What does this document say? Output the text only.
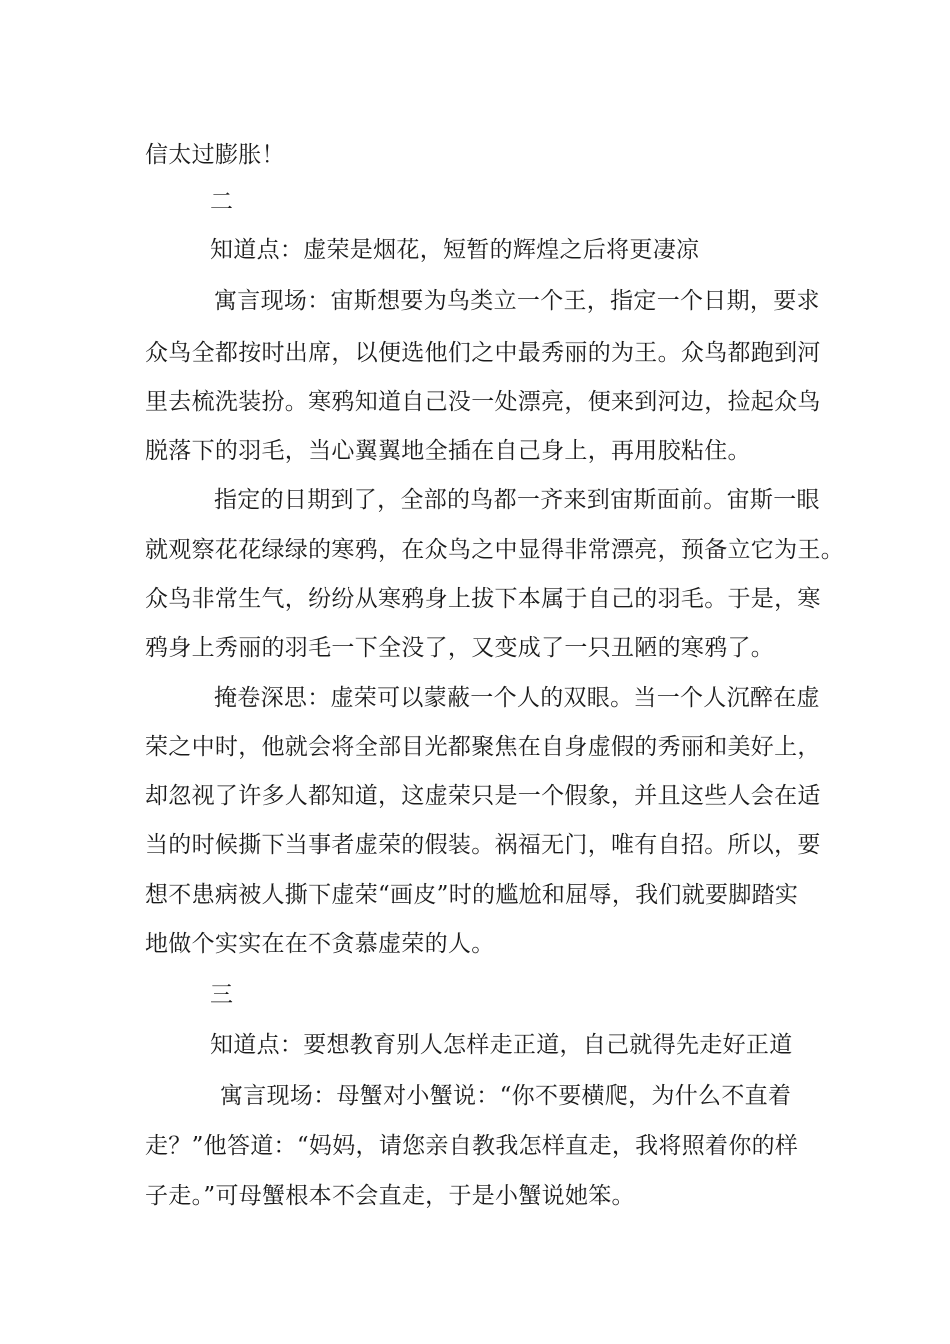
信太过膨胀！
二
知道点：虚荣是烟花，短暂的辉煌之后将更凄凉
寓言现场：宙斯想要为鸟类立一个王，指定一个日期，要求
众鸟全都按时出席，以便选他们之中最秀丽的为王。众鸟都跑到河
里去梳洗装扮。寒鸦知道自己没一处漂亮，便来到河边，捡起众鸟
脱落下的羽毛，当心翼翼地全插在自己身上，再用胶粘住。
指定的日期到了，全部的鸟都一齐来到宙斯面前。宙斯一眼
就观察花花绿绿的寒鸦，在众鸟之中显得非常漂亮，预备立它为王。
众鸟非常生气，纷纷从寒鸦身上拔下本属于自己的羽毛。于是，寒
鸦身上秀丽的羽毛一下全没了，又变成了一只丑陋的寒鸦了。
掩卷深思：虚荣可以蒙蔽一个人的双眼。当一个人沉醉在虚
荣之中时，他就会将全部目光都聚焦在自身虚假的秀丽和美好上，
却忽视了许多人都知道，这虚荣只是一个假象，并且这些人会在适
当的时候撕下当事者虚荣的假装。祸福无门，唯有自招。所以，要
想不患病被人撕下虚荣“画皮”时的尴尬和屈辱，我们就要脚踏实
地做个实实在在不贪慕虚荣的人。
三
知道点：要想教育别人怎样走正道，自己就得先走好正道
寓言现场：母蟹对小蟹说：“你不要横爬，为什么不直着
走？”他答道：“妈妈，请您亲自教我怎样直走，我将照着你的样
子走。”可母蟹根本不会直走，于是小蟹说她笨。
